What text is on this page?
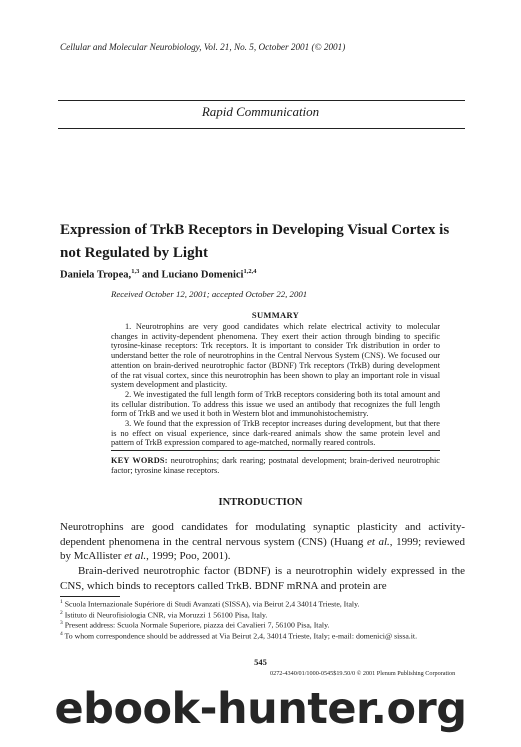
Cellular and Molecular Neurobiology, Vol. 21, No. 5, October 2001 (© 2001)
Rapid Communication
Expression of TrkB Receptors in Developing Visual Cortex is not Regulated by Light
Daniela Tropea,$^{1,3}$ and Luciano Domenici$^{1,2,4}$
Received October 12, 2001; accepted October 22, 2001
SUMMARY
1. Neurotrophins are very good candidates which relate electrical activity to molecular changes in activity-dependent phenomena. They exert their action through binding to specific tyrosine-kinase receptors: Trk receptors. It is important to consider Trk distribution in order to understand better the role of neurotrophins in the Central Nervous System (CNS). We focused our attention on brain-derived neurotrophic factor (BDNF) Trk receptors (TrkB) during development of the rat visual cortex, since this neurotrophin has been shown to play an important role in visual system development and plasticity.
2. We investigated the full length form of TrkB receptors considering both its total amount and its cellular distribution. To address this issue we used an antibody that recognizes the full length form of TrkB and we used it both in Western blot and immunohistochemistry.
3. We found that the expression of TrkB receptor increases during development, but that there is no effect on visual experience, since dark-reared animals show the same protein level and pattern of TrkB expression compared to age-matched, normally reared controls.
KEY WORDS: neurotrophins; dark rearing; postnatal development; brain-derived neurotrophic factor; tyrosine kinase receptors.
INTRODUCTION
Neurotrophins are good candidates for modulating synaptic plasticity and activity-dependent phenomena in the central nervous system (CNS) (Huang et al., 1999; reviewed by McAllister et al., 1999; Poo, 2001).
Brain-derived neurotrophic factor (BDNF) is a neurotrophin widely expressed in the CNS, which binds to receptors called TrkB. BDNF mRNA and protein are
$^1$ Scuola Internazionale Supériore di Studi Avanzati (SISSA), via Beirut 2,4 34014 Trieste, Italy.
$^2$ Istituto di Neurofisiologia CNR, via Moruzzi 1 56100 Pisa, Italy.
$^3$ Present address: Scuola Normale Superiore, piazza dei Cavalieri 7, 56100 Pisa, Italy.
$^4$ To whom correspondence should be addressed at Via Beirut 2,4, 34014 Trieste, Italy; e-mail: domenici@ sissa.it.
545
0272-4340/01/1000-0545$19.50/0 © 2001 Plenum Publishing Corporation
ebook-hunter.org
